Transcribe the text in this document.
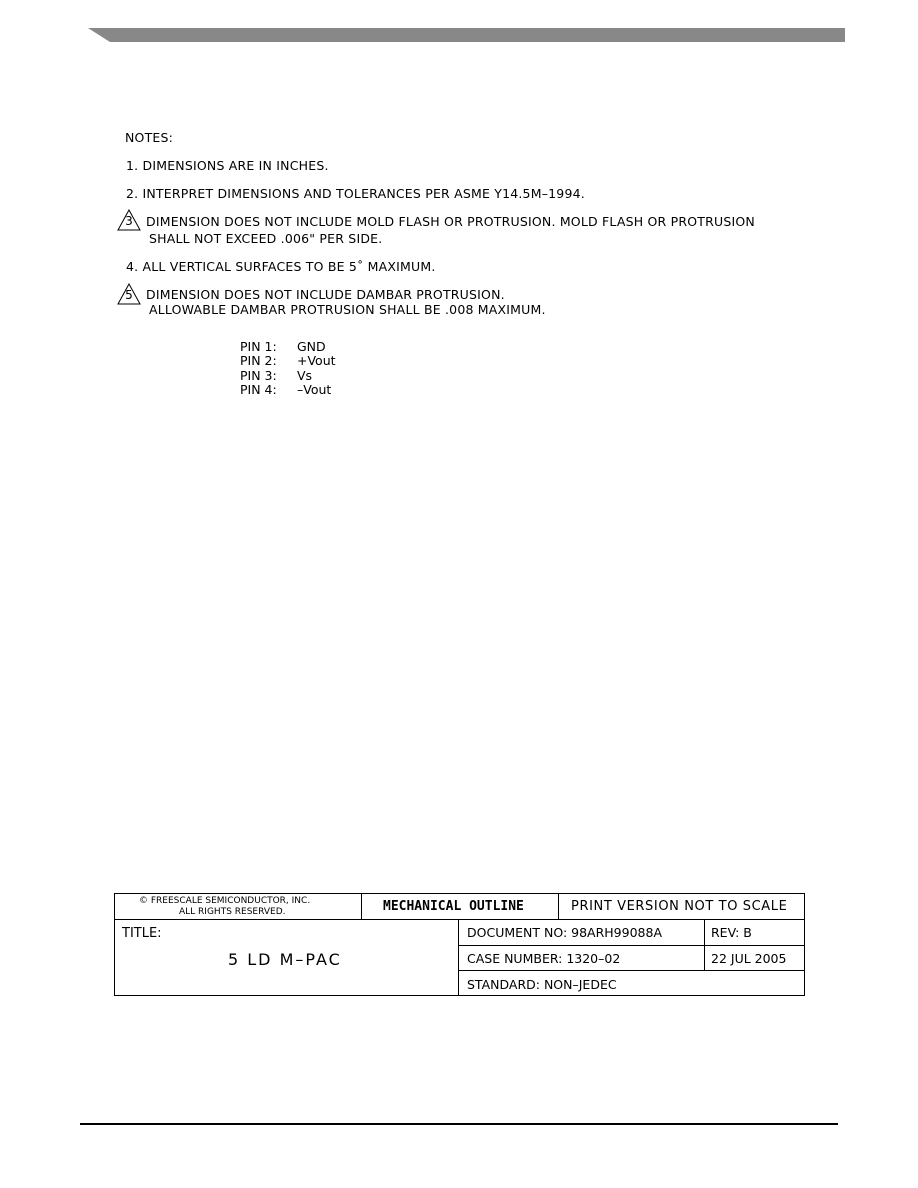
NOTES:
1. DIMENSIONS ARE IN INCHES.
2. INTERPRET DIMENSIONS AND TOLERANCES PER ASME Y14.5M–1994.
3	DIMENSION DOES NOT INCLUDE MOLD FLASH OR PROTRUSION. MOLD FLASH OR PROTRUSION
SHALL NOT EXCEED .006" PER SIDE.
4. ALL VERTICAL SURFACES TO BE 5˚ MAXIMUM.
5	DIMENSION DOES NOT INCLUDE DAMBAR PROTRUSION.
ALLOWABLE DAMBAR PROTRUSION SHALL BE .008 MAXIMUM.
PIN 1: GND
PIN 2: +Vout
PIN 3: Vs
PIN 4: –Vout
© FREESCALE SEMICONDUCTOR, INC.
ALL RIGHTS RESERVED.	MECHANICAL OUTLINE	PRINT VERSION NOT TO SCALE
TITLE:
5 LD M–PAC
DOCUMENT NO: 98ARH99088A	REV: B
CASE NUMBER: 1320–02	22 JUL 2005
STANDARD: NON–JEDEC
